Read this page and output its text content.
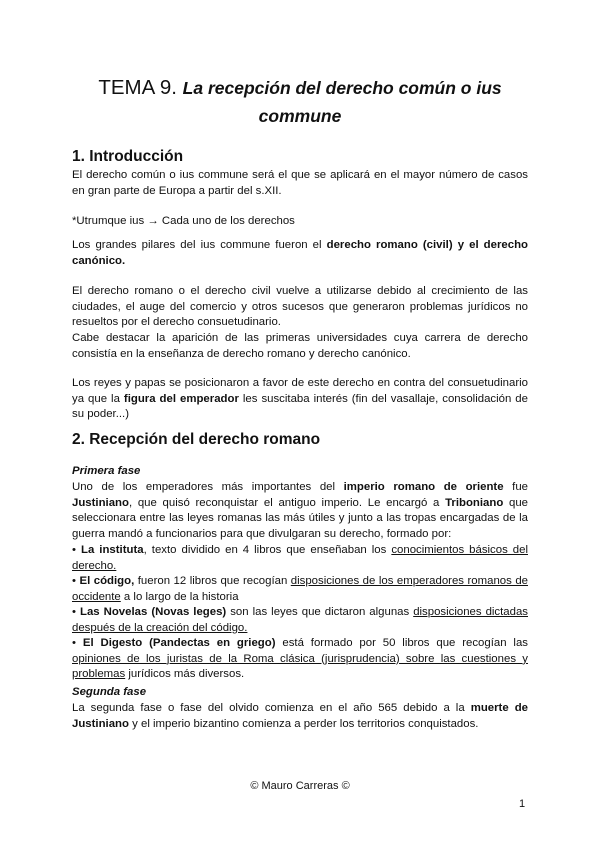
TEMA 9. La recepción del derecho común o ius commune
1. Introducción
El derecho común o ius commune será el que se aplicará en el mayor número de casos en gran parte de Europa a partir del s.XII.
*Utrumque ius → Cada uno de los derechos
Los grandes pilares del ius commune fueron el derecho romano (civil) y el derecho canónico.
El derecho romano o el derecho civil vuelve a utilizarse debido al crecimiento de las ciudades, el auge del comercio y otros sucesos que generaron problemas jurídicos no resueltos por el derecho consuetudinario.
Cabe destacar la aparición de las primeras universidades cuya carrera de derecho consistía en la enseñanza de derecho romano y derecho canónico.
Los reyes y papas se posicionaron a favor de este derecho en contra del consuetudinario ya que la figura del emperador les suscitaba interés (fin del vasallaje, consolidación de su poder...)
2. Recepción del derecho romano
Primera fase
Uno de los emperadores más importantes del imperio romano de oriente fue Justiniano, que quisó reconquistar el antiguo imperio. Le encargó a Triboniano que seleccionara entre las leyes romanas las más útiles y junto a las tropas encargadas de la guerra mandó a funcionarios para que divulgaran su derecho, formado por:
• La instituta, texto dividido en 4 libros que enseñaban los conocimientos básicos del derecho.
• El código, fueron 12 libros que recogían disposiciones de los emperadores romanos de occidente a lo largo de la historia
• Las Novelas (Novas leges) son las leyes que dictaron algunas disposiciones dictadas después de la creación del código.
• El Digesto (Pandectas en griego) está formado por 50 libros que recogían las opiniones de los juristas de la Roma clásica (jurisprudencia) sobre las cuestiones y problemas jurídicos más diversos.
Segunda fase
La segunda fase o fase del olvido comienza en el año 565 debido a la muerte de Justiniano y el imperio bizantino comienza a perder los territorios conquistados.
© Mauro Carreras ©
1
